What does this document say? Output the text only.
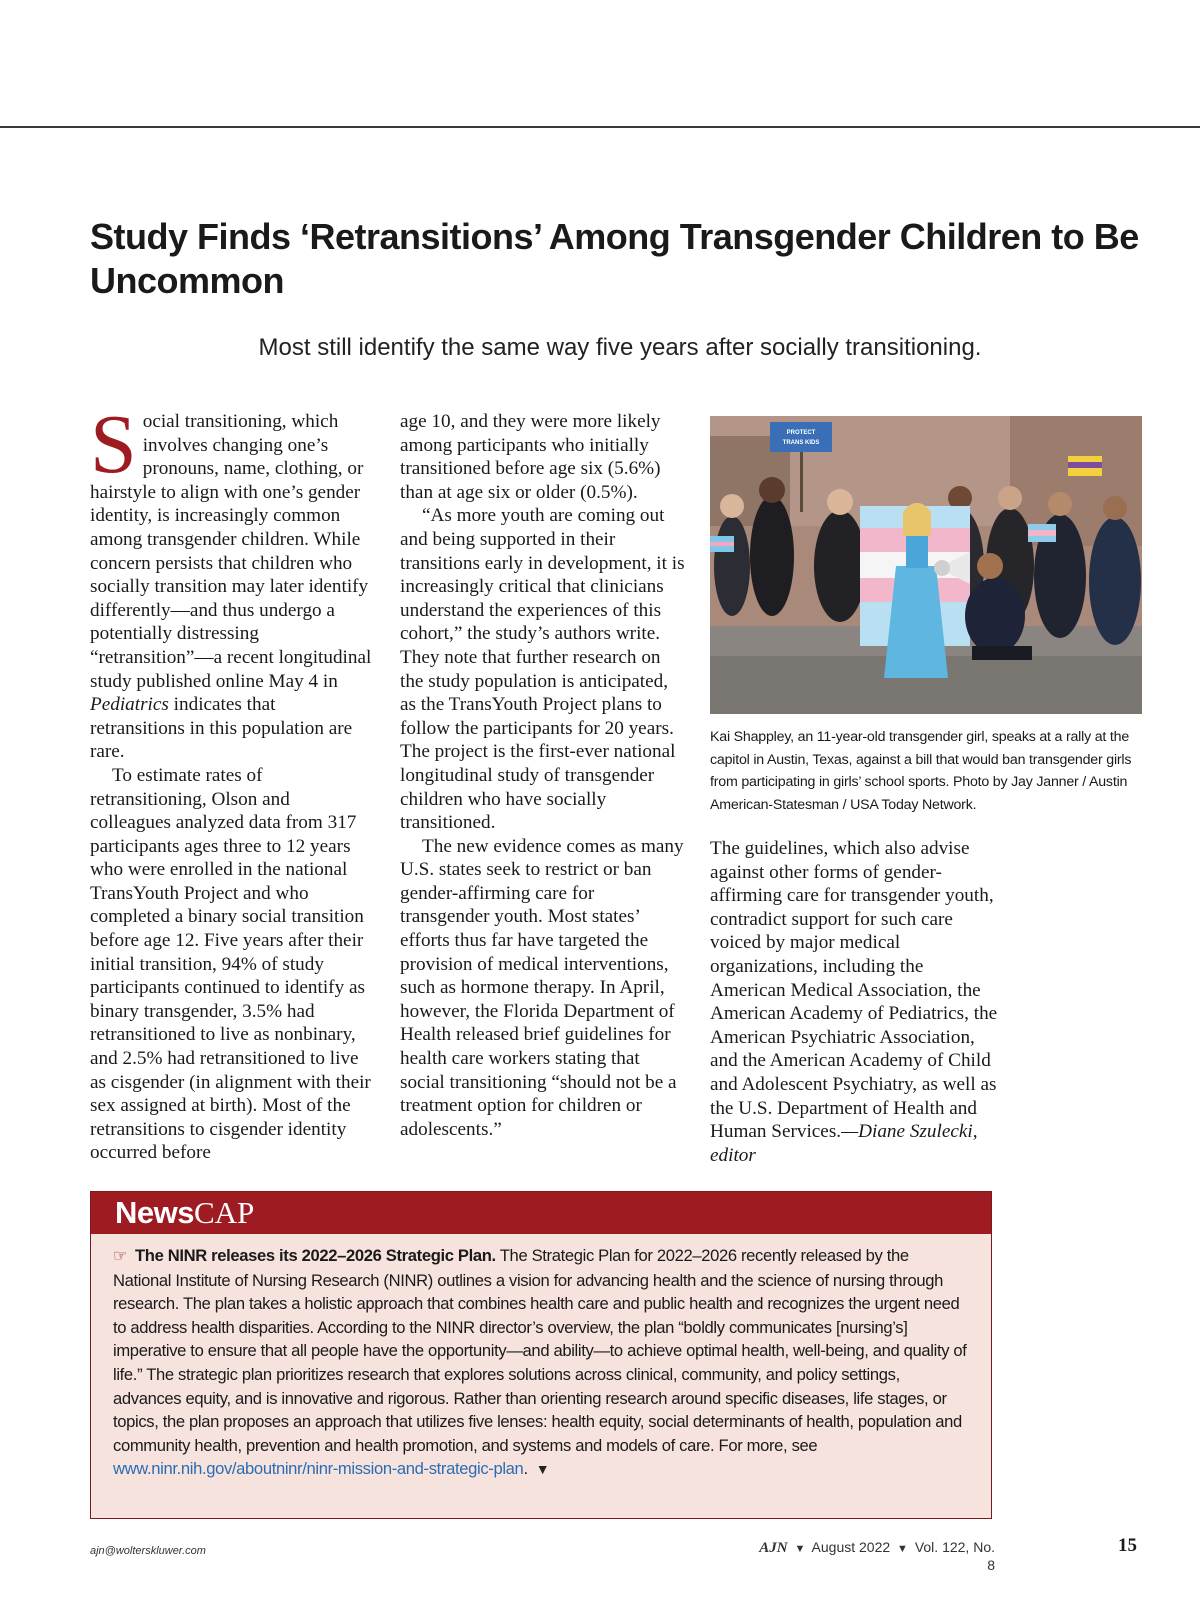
Study Finds ‘Retransitions’ Among Transgender Children to Be Uncommon
Most still identify the same way five years after socially transitioning.

Social transitioning, which involves changing one’s pronouns, name, clothing, or hairstyle to align with one’s gender identity, is increasingly common among transgender children. While concern persists that children who socially transition may later identify differently—and thus undergo a potentially distressing “retransition”—a recent longitudinal study published online May 4 in Pediatrics indicates that retransitions in this population are rare.

To estimate rates of retransitioning, Olson and colleagues analyzed data from 317 participants ages three to 12 years who were enrolled in the national TransYouth Project and who completed a binary social transition before age 12. Five years after their initial transition, 94% of study participants continued to identify as binary transgender, 3.5% had retransitioned to live as nonbinary, and 2.5% had retransitioned to live as cisgender (in alignment with their sex assigned at birth). Most of the retransitions to cisgender identity occurred before

age 10, and they were more likely among participants who initially transitioned before age six (5.6%) than at age six or older (0.5%).

“As more youth are coming out and being supported in their transitions early in development, it is increasingly critical that clinicians understand the experiences of this cohort,” the study’s authors write. They note that further research on the study population is anticipated, as the TransYouth Project plans to follow the participants for 20 years. The project is the first-ever national longitudinal study of transgender children who have socially transitioned.

The new evidence comes as many U.S. states seek to restrict or ban gender-affirming care for transgender youth. Most states’ efforts thus far have targeted the provision of medical interventions, such as hormone therapy. In April, however, the Florida Department of Health released brief guidelines for health care workers stating that social transitioning “should not be a treatment option for children or adolescents.”

PROTECT
TRANS KIDS
Kai Shappley, an 11-year-old transgender girl, speaks at a rally at the capitol in Austin, Texas, against a bill that would ban transgender girls from participating in girls’ school sports. Photo by Jay Janner / Austin American-Statesman / USA Today Network.

The guidelines, which also advise against other forms of gender-affirming care for transgender youth, contradict support for such care voiced by major medical organizations, including the American Medical Association, the American Academy of Pediatrics, the American Psychiatric Association, and the American Academy of Child and Adolescent Psychiatry, as well as the U.S. Department of Health and Human Services.—Diane Szulecki, editor

NewsCAP
☞ The NINR releases its 2022–2026 Strategic Plan. The Strategic Plan for 2022–2026 recently released by the National Institute of Nursing Research (NINR) outlines a vision for advancing health and the science of nursing through research. The plan takes a holistic approach that combines health care and public health and recognizes the urgent need to address health disparities. According to the NINR director’s overview, the plan “boldly communicates [nursing’s] imperative to ensure that all people have the opportunity—and ability—to achieve optimal health, well-being, and quality of life.” The strategic plan prioritizes research that explores solutions across clinical, community, and policy settings, advances equity, and is innovative and rigorous. Rather than orienting research around specific diseases, life stages, or topics, the plan proposes an approach that utilizes five lenses: health equity, social determinants of health, population and community health, prevention and health promotion, and systems and models of care. For more, see www.ninr.nih.gov/aboutninr/ninr-mission-and-strategic-plan. ▼
ajn@wolterskluwer.com	AJN ▼ August 2022 ▼ Vol. 122, No. 8
15
